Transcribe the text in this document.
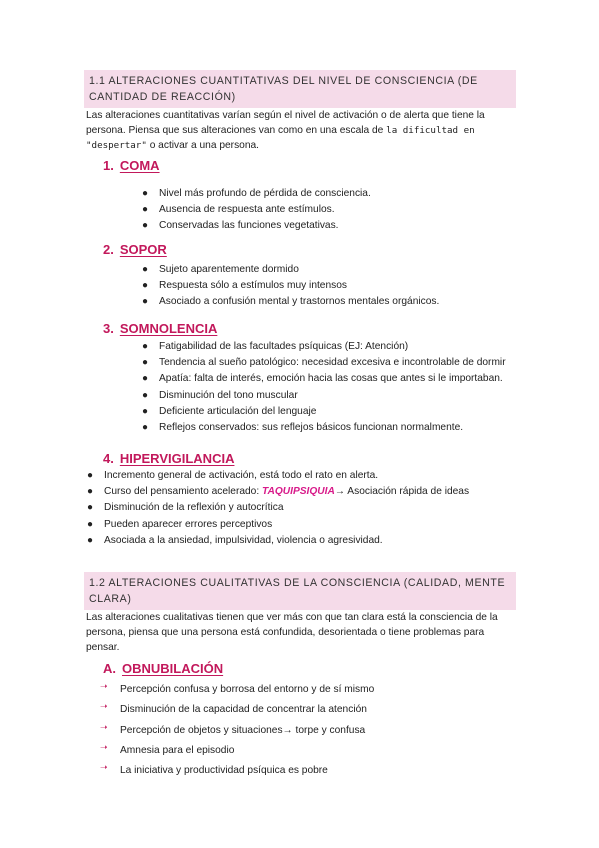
1.1 ALTERACIONES CUANTITATIVAS DEL NIVEL DE CONSCIENCIA (DE CANTIDAD DE REACCIÓN)
Las alteraciones cuantitativas varían según el nivel de activación o de alerta que tiene la persona. Piensa que sus alteraciones van como en una escala de la dificultad en "despertar" o activar a una persona.
1. COMA
● Nivel más profundo de pérdida de consciencia.
● Ausencia de respuesta ante estímulos.
● Conservadas las funciones vegetativas.
2. SOPOR
● Sujeto aparentemente dormido
● Respuesta sólo a estímulos muy intensos
● Asociado a confusión mental y trastornos mentales orgánicos.
3. SOMNOLENCIA
● Fatigabilidad de las facultades psíquicas (EJ: Atención)
● Tendencia al sueño patológico: necesidad excesiva e incontrolable de dormir
● Apatía: falta de interés, emoción hacia las cosas que antes si le importaban.
● Disminución del tono muscular
● Deficiente articulación del lenguaje
● Reflejos conservados: sus reflejos básicos funcionan normalmente.
4. HIPERVIGILANCIA
● Incremento general de activación, está todo el rato en alerta.
● Curso del pensamiento acelerado: TAQUIPSIQUIA→ Asociación rápida de ideas
● Disminución de la reflexión y autocrítica
● Pueden aparecer errores perceptivos
● Asociada a la ansiedad, impulsividad, violencia o agresividad.
1.2 ALTERACIONES CUALITATIVAS DE LA CONSCIENCIA (CALIDAD, MENTE CLARA)
Las alteraciones cualitativas tienen que ver más con que tan clara está la consciencia de la persona, piensa que una persona está confundida, desorientada o tiene problemas para pensar.
A. OBNUBILACIÓN
➝ Percepción confusa y borrosa del entorno y de sí mismo
➝ Disminución de la capacidad de concentrar la atención
➝ Percepción de objetos y situaciones→ torpe y confusa
➝ Amnesia para el episodio
➝ La iniciativa y productividad psíquica es pobre
